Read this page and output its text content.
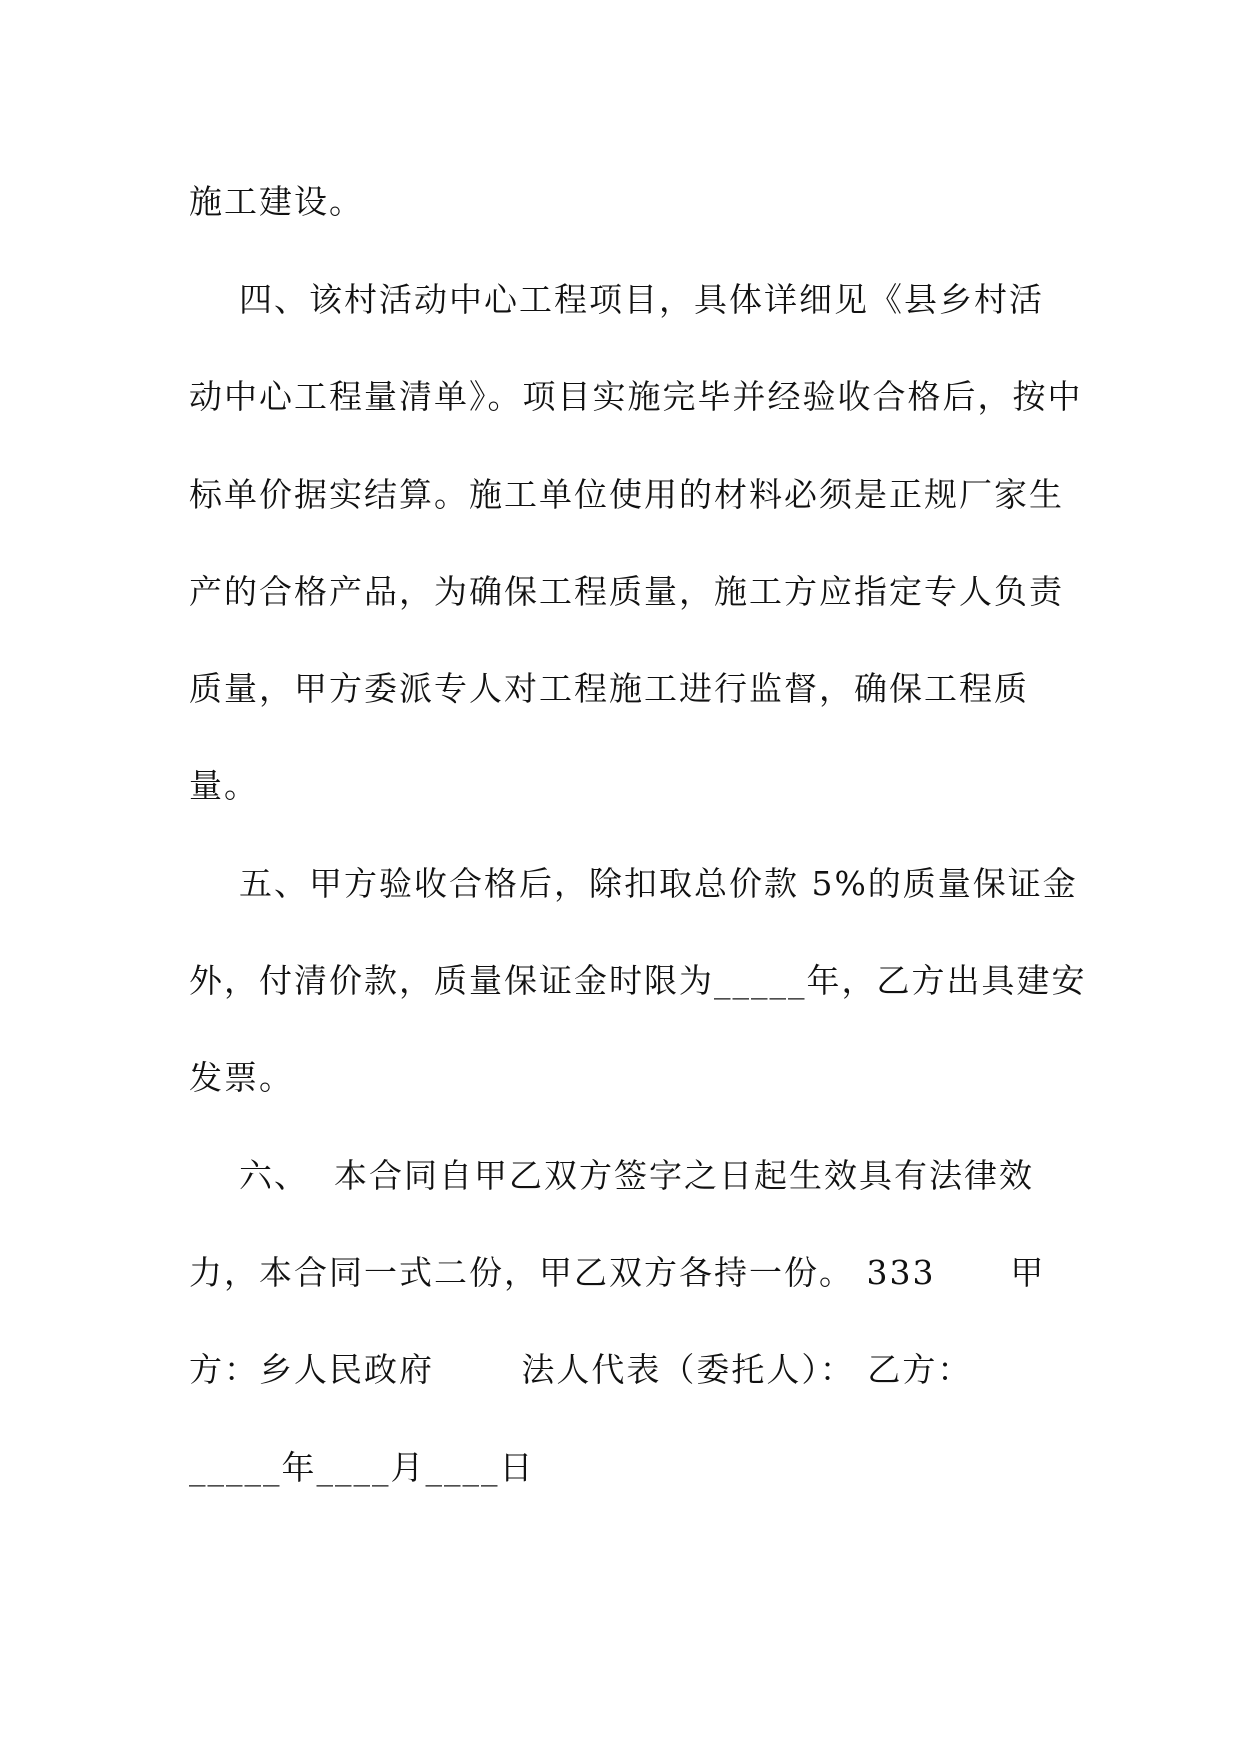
施工建设。
四、该村活动中心工程项目，具体详细见《县乡村活
动中心工程量清单》。项目实施完毕并经验收合格后，按中
标单价据实结算。施工单位使用的材料必须是正规厂家生
产的合格产品，为确保工程质量，施工方应指定专人负责
质量，甲方委派专人对工程施工进行监督，确保工程质
量。
五、甲方验收合格后，除扣取总价款 5%的质量保证金
外，付清价款，质量保证金时限为_____年，乙方出具建安
发票。
六、  本合同自甲乙双方签字之日起生效具有法律效
力，本合同一式二份，甲乙双方各持一份。 333      甲
方：乡人民政府       法人代表（委托人）： 乙方：
_____年____月____日
